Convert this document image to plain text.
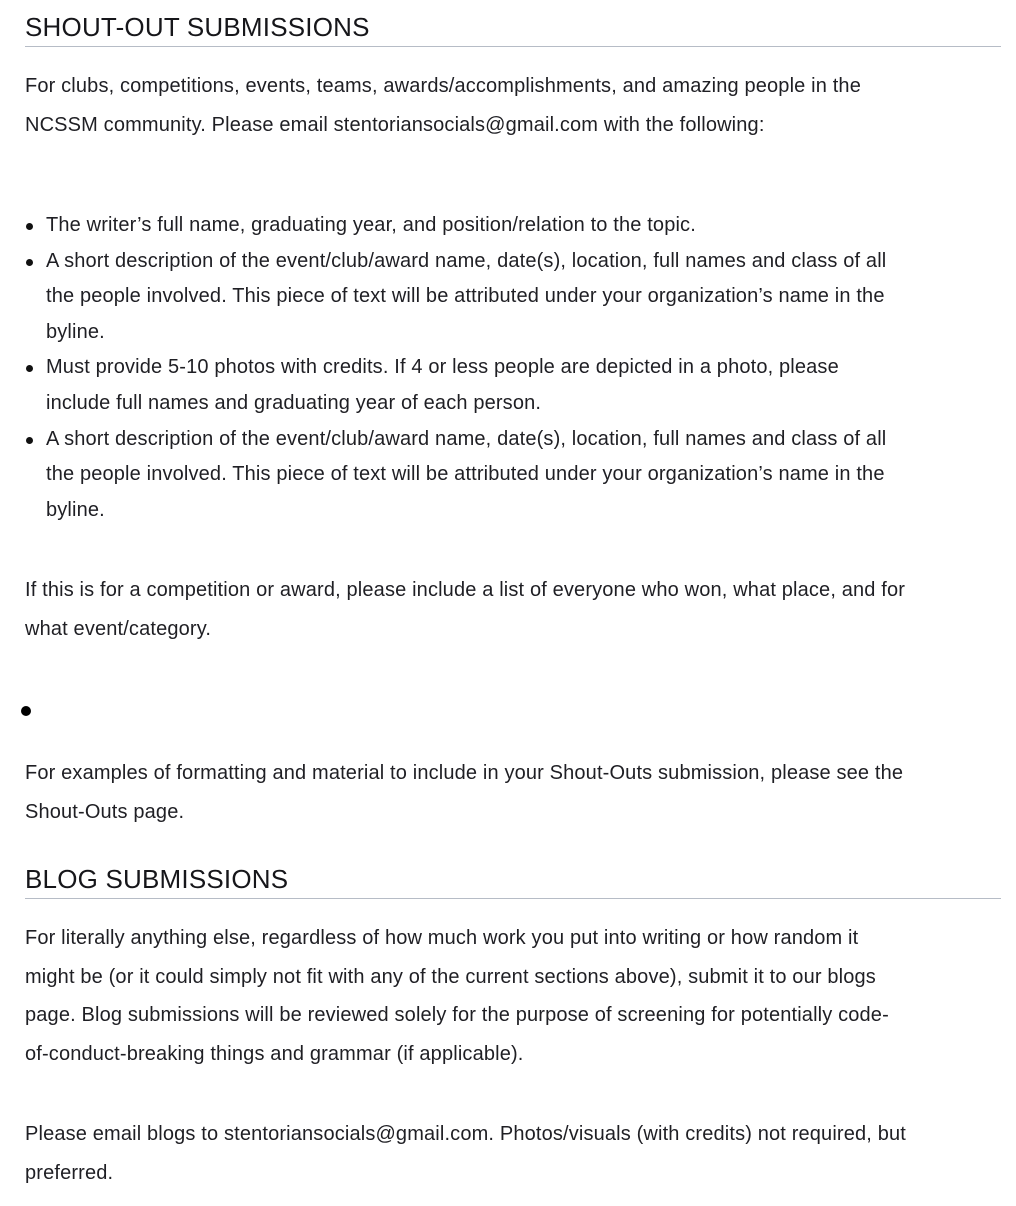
SHOUT-OUT SUBMISSIONS

For clubs, competitions, events, teams, awards/accomplishments, and amazing people in the
NCSSM community. Please email stentoriansocials@gmail.com with the following:

The writer’s full name, graduating year, and position/relation to the topic.
A short description of the event/club/award name, date(s), location, full names and class of all
the people involved. This piece of text will be attributed under your organization’s name in the
byline.
Must provide 5-10 photos with credits. If 4 or less people are depicted in a photo, please
include full names and graduating year of each person.
A short description of the event/club/award name, date(s), location, full names and class of all
the people involved. This piece of text will be attributed under your organization’s name in the
byline.

If this is for a competition or award, please include a list of everyone who won, what place, and for
what event/category.

For examples of formatting and material to include in your Shout-Outs submission, please see the
Shout-Outs page.

BLOG SUBMISSIONS

For literally anything else, regardless of how much work you put into writing or how random it
might be (or it could simply not fit with any of the current sections above), submit it to our blogs
page. Blog submissions will be reviewed solely for the purpose of screening for potentially code-
of-conduct-breaking things and grammar (if applicable).

Please email blogs to stentoriansocials@gmail.com. Photos/visuals (with credits) not required, but
preferred.
